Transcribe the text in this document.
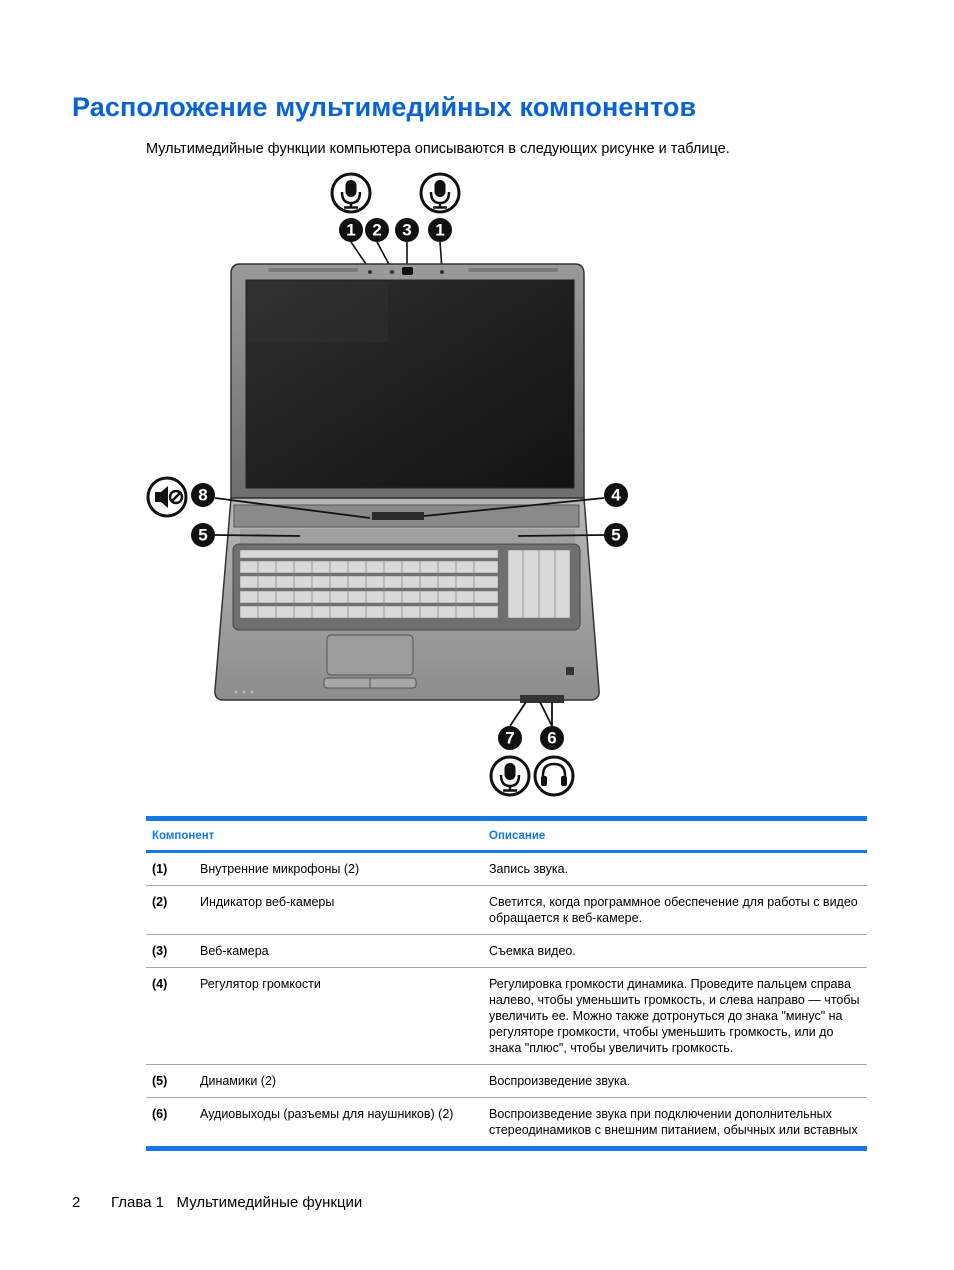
Расположение мультимедийных компонентов

Мультимедийные функции компьютера описываются в следующих рисунке и таблице.

1 2 3 1
8	4
5	5
7 6
Компонент		Описание
(1)	Внутренние микрофоны (2)	Запись звука.
(2)	Индикатор веб-камеры	Светится, когда программное обеспечение для работы с видео обращается к веб-камере.
(3)	Веб-камера	Съемка видео.
(4)	Регулятор громкости	Регулировка громкости динамика. Проведите пальцем справа налево, чтобы уменьшить громкость, и слева направо — чтобы увеличить ее. Можно также дотронуться до знака "минус" на регуляторе громкости, чтобы уменьшить громкость, или до знака "плюс", чтобы увеличить громкость.
(5)	Динамики (2)	Воспроизведение звука.
(6)	Аудиовыходы (разъемы для наушников) (2)	Воспроизведение звука при подключении дополнительных стереодинамиков с внешним питанием, обычных или вставных

2 Глава 1   Мультимедийные функции
